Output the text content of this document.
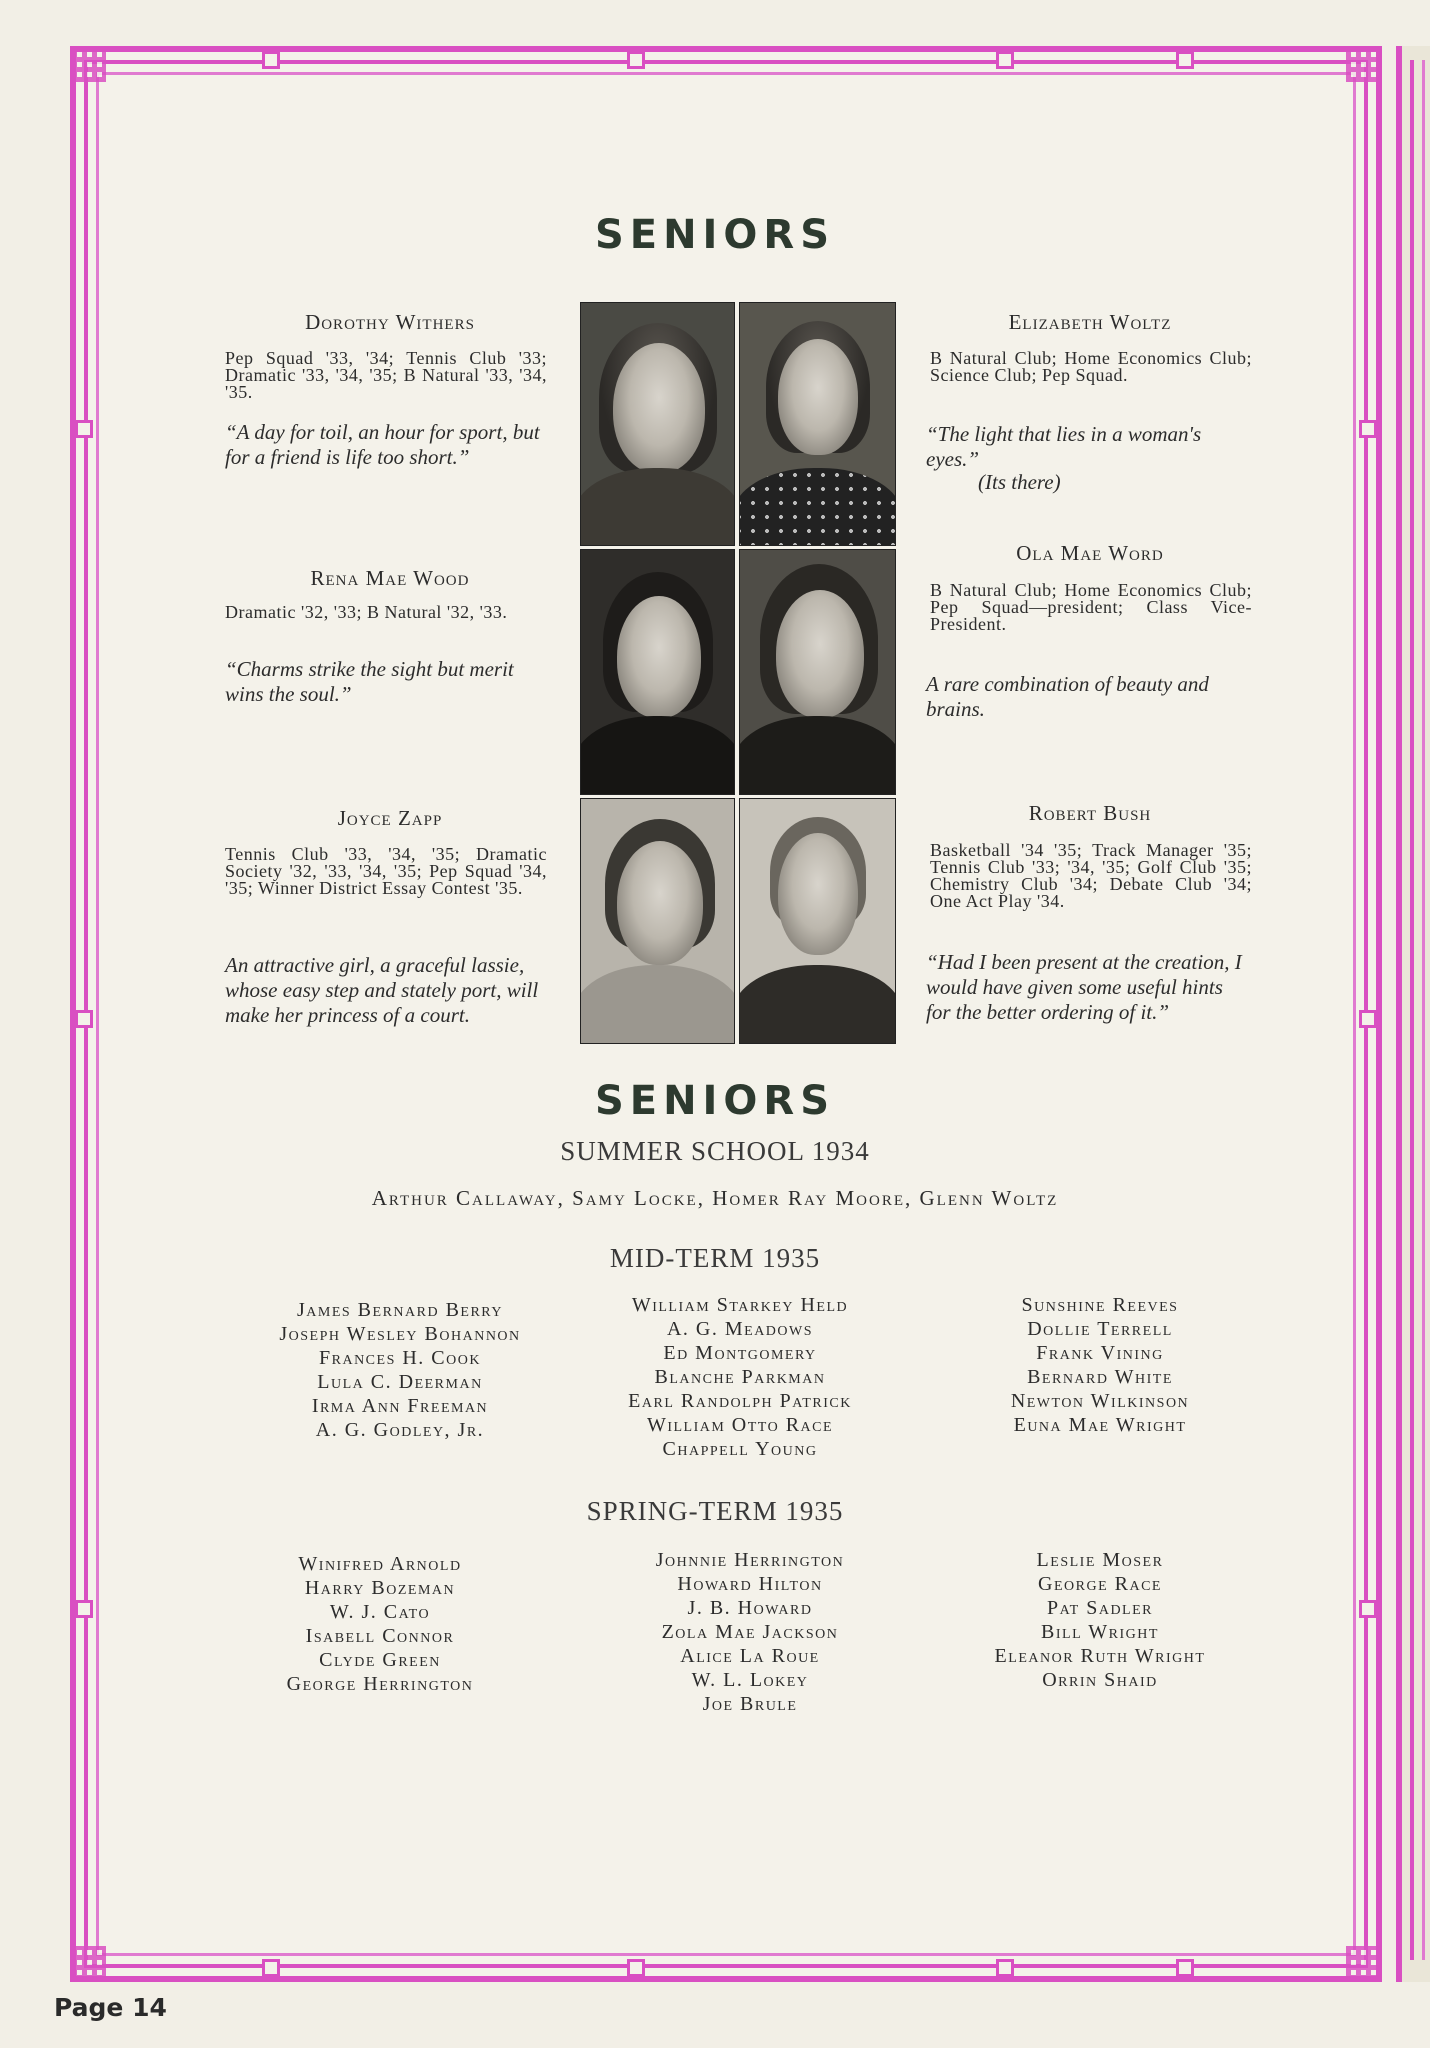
SENIORS
Dorothy Withers
Pep Squad '33, '34; Tennis Club '33; Dramatic '33, '34, '35; B Natural '33, '34, '35.
“A day for toil, an hour for sport, but for a friend is life too short.”
Rena Mae Wood
Dramatic '32, '33; B Natural '32, '33.
“Charms strike the sight but merit wins the soul.”
Joyce Zapp
Tennis Club '33, '34, '35; Dramatic Society '32, '33, '34, '35; Pep Squad '34, '35; Winner District Essay Contest '35.
An attractive girl, a graceful lassie, whose easy step and stately port, will make her princess of a court.
Elizabeth Woltz
B Natural Club; Home Economics Club; Science Club; Pep Squad.
“The light that lies in a woman's eyes.”
(Its there)
Ola Mae Word
B Natural Club; Home Economics Club; Pep Squad—president; Class Vice-President.
A rare combination of beauty and brains.
Robert Bush
Basketball '34 '35; Track Manager '35; Tennis Club '33; '34, '35; Golf Club '35; Chemistry Club '34; Debate Club '34; One Act Play '34.
“Had I been present at the creation, I would have given some useful hints for the better ordering of it.”
SENIORS
SUMMER SCHOOL 1934
Arthur Callaway, Samy Locke, Homer Ray Moore, Glenn Woltz
MID-TERM 1935
James Bernard Berry
Joseph Wesley Bohannon
Frances H. Cook
Lula C. Deerman
Irma Ann Freeman
A. G. Godley, Jr.
William Starkey Held
A. G. Meadows
Ed Montgomery
Blanche Parkman
Earl Randolph Patrick
William Otto Race
Chappell Young
Sunshine Reeves
Dollie Terrell
Frank Vining
Bernard White
Newton Wilkinson
Euna Mae Wright
SPRING-TERM 1935
Winifred Arnold
Harry Bozeman
W. J. Cato
Isabell Connor
Clyde Green
George Herrington
Johnnie Herrington
Howard Hilton
J. B. Howard
Zola Mae Jackson
Alice La Roue
W. L. Lokey
Joe Brule
Leslie Moser
George Race
Pat Sadler
Bill Wright
Eleanor Ruth Wright
Orrin Shaid
Page 14
